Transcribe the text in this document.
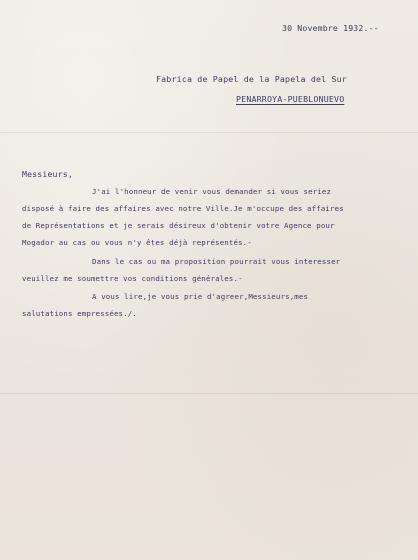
30 Novembre 1932.--
Fabrica de Papel de la Papela del Sur
PENARROYA-PUEBLONUEVO
Messieurs,
J'ai l'honneur de venir vous demander si vous seriez
disposé à faire des affaires avec notre Ville.Je m'occupe des affaires
de Représentations et je serais désireux d'obtenir votre Agence pour
Mogador au cas ou vous n'y êtes déjà représentés.-
Dans le cas ou ma proposition pourrait vous interesser
veuillez me soumettre vos conditions générales.-
A vous lire,je vous prie d'agreer,Messieurs,mes
salutations empressées./.
